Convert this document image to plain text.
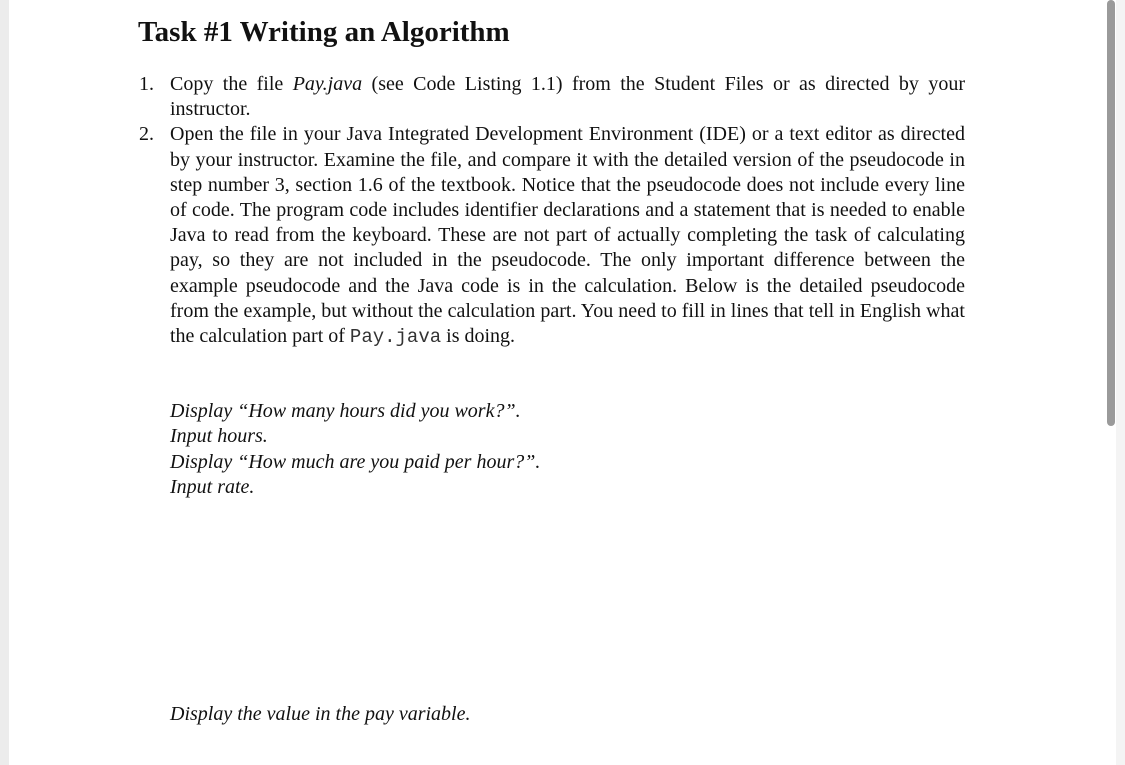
Task #1 Writing an Algorithm
1. Copy the file Pay.java (see Code Listing 1.1) from the Student Files or as directed by your instructor.
2. Open the file in your Java Integrated Development Environment (IDE) or a text editor as directed by your instructor. Examine the file, and compare it with the detailed version of the pseudocode in step number 3, section 1.6 of the textbook. Notice that the pseudocode does not include every line of code. The program code includes identifier declarations and a statement that is needed to enable Java to read from the keyboard. These are not part of actually completing the task of calculating pay, so they are not included in the pseudocode. The only important difference between the example pseudocode and the Java code is in the calculation. Below is the detailed pseudocode from the example, but without the calculation part. You need to fill in lines that tell in English what the calculation part of Pay.java is doing.
Display “How many hours did you work?”.
Input hours.
Display “How much are you paid per hour?”.
Input rate.
Display the value in the pay variable.
